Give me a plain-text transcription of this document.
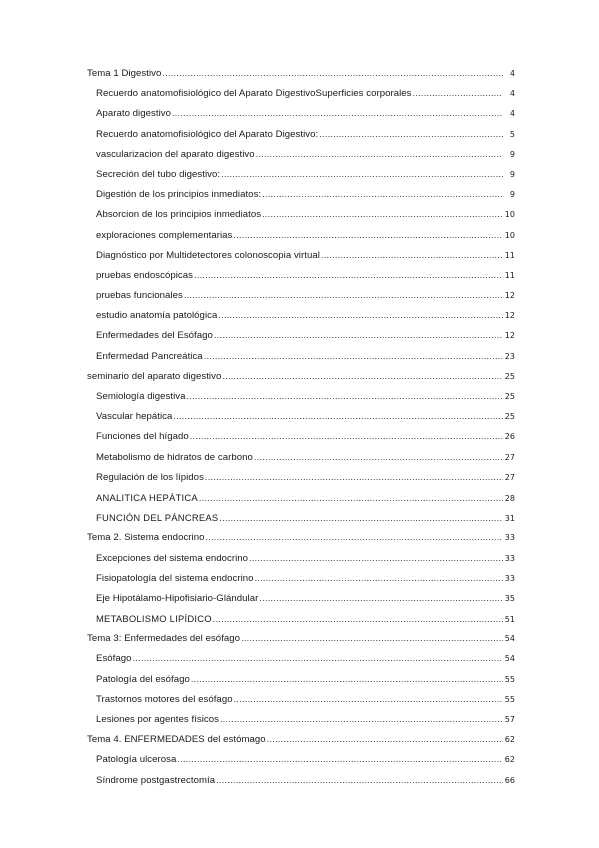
Tema 1 Digestivo .....	4
Recuerdo anatomofisiológico del Aparato DigestivoSuperficies corporales .....	4
Aparato digestivo .....	4
Recuerdo anatomofisiológico del Aparato Digestivo: .....	5
vascularizacion del aparato digestivo .....	9
Secreción del tubo digestivo: .....	9
Digestión de los principios inmediatos: .....	9
Absorcion de los principios inmediatos .....	10
exploraciones complementarias .....	10
Diagnóstico por Multidetectores colonoscopia virtual .....	11
pruebas endoscópicas .....	11
pruebas funcionales .....	12
estudio anatomía patológica .....	12
Enfermedades del Esófago .....	12
Enfermedad Pancreática .....	23
seminario del aparato digestivo .....	25
Semiología digestiva .....	25
Vascular hepática .....	25
Funciones del hígado .....	26
Metabolismo de hidratos de carbono .....	27
Regulación de los lípidos .....	27
ANALITICA HEPÁTICA .....	28
FUNCIÓN DEL PÁNCREAS .....	31
Tema 2. Sistema endocrino .....	33
Excepciones del sistema endocrino .....	33
Fisiopatología del sistema endocrino .....	33
Eje Hipotálamo-Hipofisiario-Glándular .....	35
METABOLISMO LIPÍDICO .....	51
Tema 3: Enfermedades del esófago .....	54
Esófago .....	54
Patología del esófago .....	55
Trastornos motores del esófago .....	55
Lesiones por agentes físicos .....	57
Tema 4. ENFERMEDADES del estómago .....	62
Patología ulcerosa .....	62
Síndrome postgastrectomía .....	66
